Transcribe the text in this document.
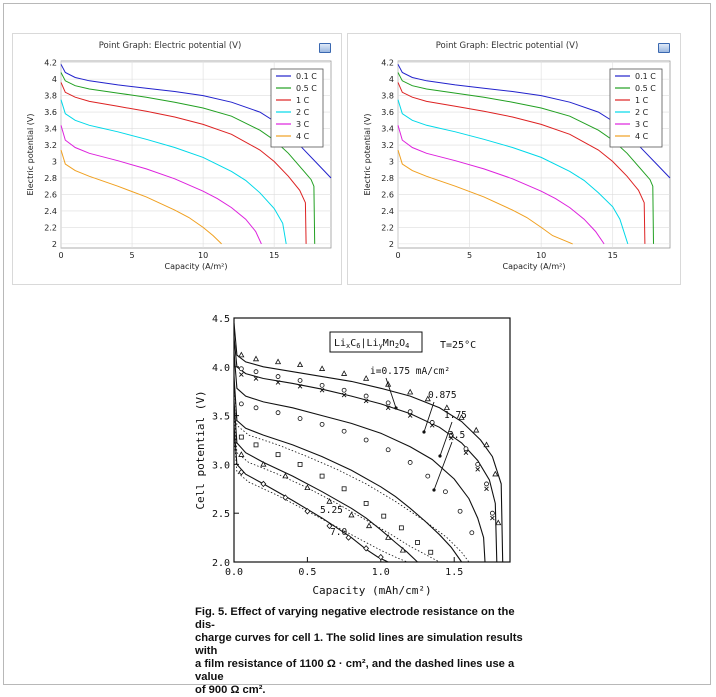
Point Graph: Electric potential (V)
2
2.2
2.4
2.6
2.8
3
3.2
3.4
3.6
3.8
4
4.2
0	5	10	15
Capacity (A/m²)
Electric potential (V)
0.1 C
0.5 C
1 C
2 C
3 C
4 C
Point Graph: Electric potential (V)
2
2.2
2.4
2.6
2.8
3
3.2
3.4
3.6
3.8
4
4.2
0	5	10	15
Capacity (A/m²)
Electric potential (V)
0.1 C
0.5 C
1 C
2 C
3 C
4 C
2.0
2.5
3.0
3.5
4.0
4.5
0.0	0.5	1.0	1.5
Capacity (mAh/cm²)
Cell potential (V)
$Li_xC_6|Li_yMn_2O_4$	T=25°C
i=0.175 mA/cm²
0.875
1.75
3.5
5.25
7.0
Fig. 5. Effect of varying negative electrode resistance on the dis-
charge curves for cell 1. The solid lines are simulation results with
a film resistance of 1100 Ω · cm², and the dashed lines use a value
of 900 Ω cm².
